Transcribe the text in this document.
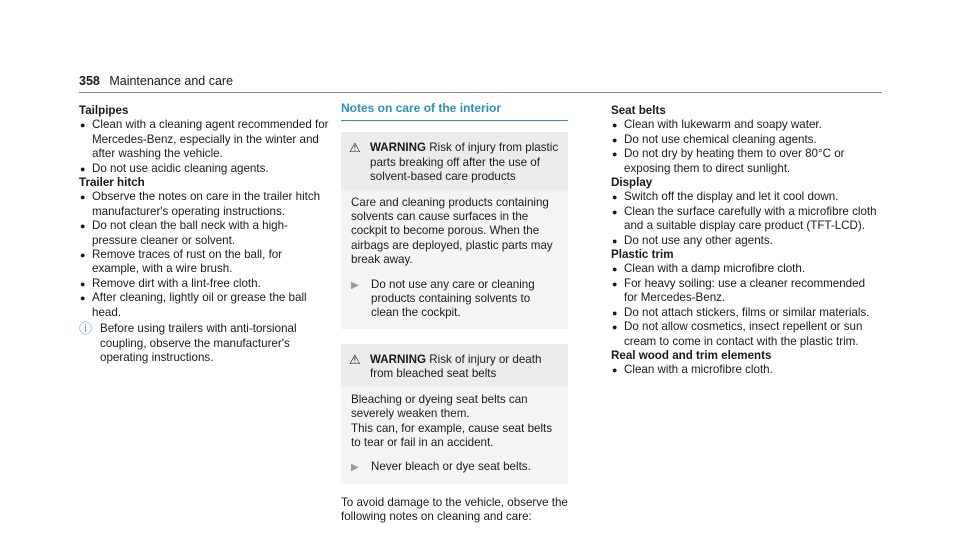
358 Maintenance and care
Tailpipes
● Clean with a cleaning agent recommended for Mercedes-Benz, especially in the winter and after washing the vehicle.
● Do not use acidic cleaning agents.
Trailer hitch
● Observe the notes on care in the trailer hitch manufacturer's operating instructions.
● Do not clean the ball neck with a high-pressure cleaner or solvent.
● Remove traces of rust on the ball, for example, with a wire brush.
● Remove dirt with a lint-free cloth.
● After cleaning, lightly oil or grease the ball head.
ⓘ Before using trailers with anti-torsional coupling, observe the manufacturer's operating instructions.
Notes on care of the interior
⚠ WARNING Risk of injury from plastic parts breaking off after the use of solvent-based care products

Care and cleaning products containing solvents can cause surfaces in the cockpit to become porous. When the airbags are deployed, plastic parts may break away.

▶	Do not use any care or cleaning products containing solvents to clean the cockpit.
⚠ WARNING Risk of injury or death from bleached seat belts

Bleaching or dyeing seat belts can severely weaken them.

This can, for example, cause seat belts to tear or fail in an accident.

▶	Never bleach or dye seat belts.
To avoid damage to the vehicle, observe the following notes on cleaning and care:
Seat belts
● Clean with lukewarm and soapy water.
● Do not use chemical cleaning agents.
● Do not dry by heating them to over 80°C or exposing them to direct sunlight.
Display
● Switch off the display and let it cool down.
● Clean the surface carefully with a microfibre cloth and a suitable display care product (TFT-LCD).
● Do not use any other agents.
Plastic trim
● Clean with a damp microfibre cloth.
● For heavy soiling: use a cleaner recommended for Mercedes-Benz.
● Do not attach stickers, films or similar materials.
● Do not allow cosmetics, insect repellent or sun cream to come in contact with the plastic trim.
Real wood and trim elements
● Clean with a microfibre cloth.
